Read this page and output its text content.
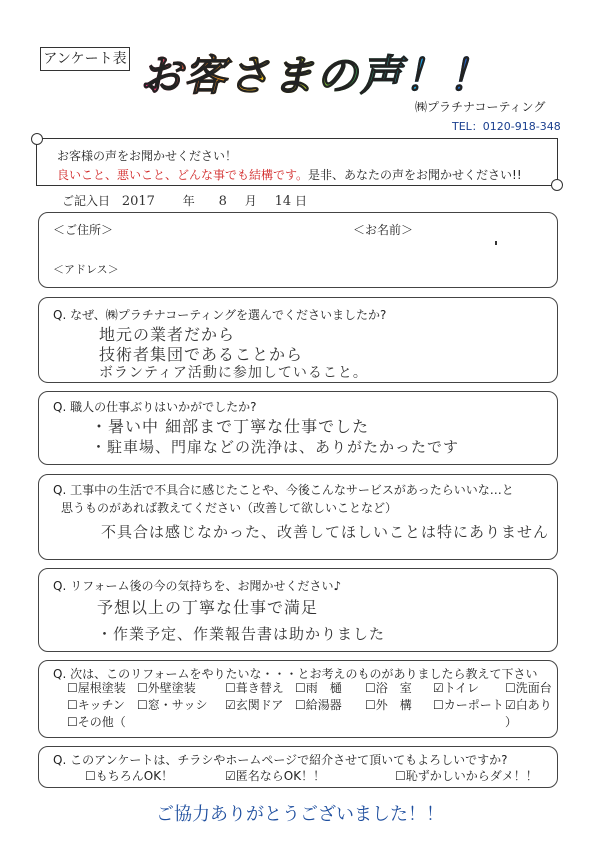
アンケート表 お客さまの声！！
㈱プラチナコーティング
TEL：0120-918-348
お客様の声をお聞かせください！
良いこと、悪いこと、どんな事でも結構です。是非、あなたの声をお聞かせください!!
ご記入日 2017 年 8 月 14 日
＜ご住所＞	＜お名前＞
＜アドレス＞
Q. なぜ、㈱プラチナコーティングを選んでくださいましたか?
地元の業者だから
技術者集団であることから
ボランティア活動に参加していること。
Q. 職人の仕事ぶりはいかがでしたか?
・暑い中 細部まで丁寧な仕事でした
・駐車場、門扉などの洗浄は、ありがたかったです
Q. 工事中の生活で不具合に感じたことや、今後こんなサービスがあったらいいな…と
思うものがあれば教えてください（改善して欲しいことなど）
不具合は感じなかった、改善してほしいことは特にありません
Q. リフォーム後の今の気持ちを、お聞かせください♪
予想以上の丁寧な仕事で満足
・作業予定、作業報告書は助かりました
Q. 次は、このリフォームをやりたいな・・・とお考えのものがありましたら教えて下さい
☐屋根塗装 ☐外壁塗装 ☐葺き替え ☐雨　樋 ☐浴　室 ☑トイレ ☐洗面台
☐キッチン ☐窓・サッシ ☑玄関ドア ☐給湯器 ☐外　構 ☐カーポート ☑白あり
☐その他（	）
Q. このアンケートは、チラシやホームページで紹介させて頂いてもよろしいですか?
☐もちろんOK！	☑匿名ならOK！！	☐恥ずかしいからダメ！！
ご協力ありがとうございました！！
